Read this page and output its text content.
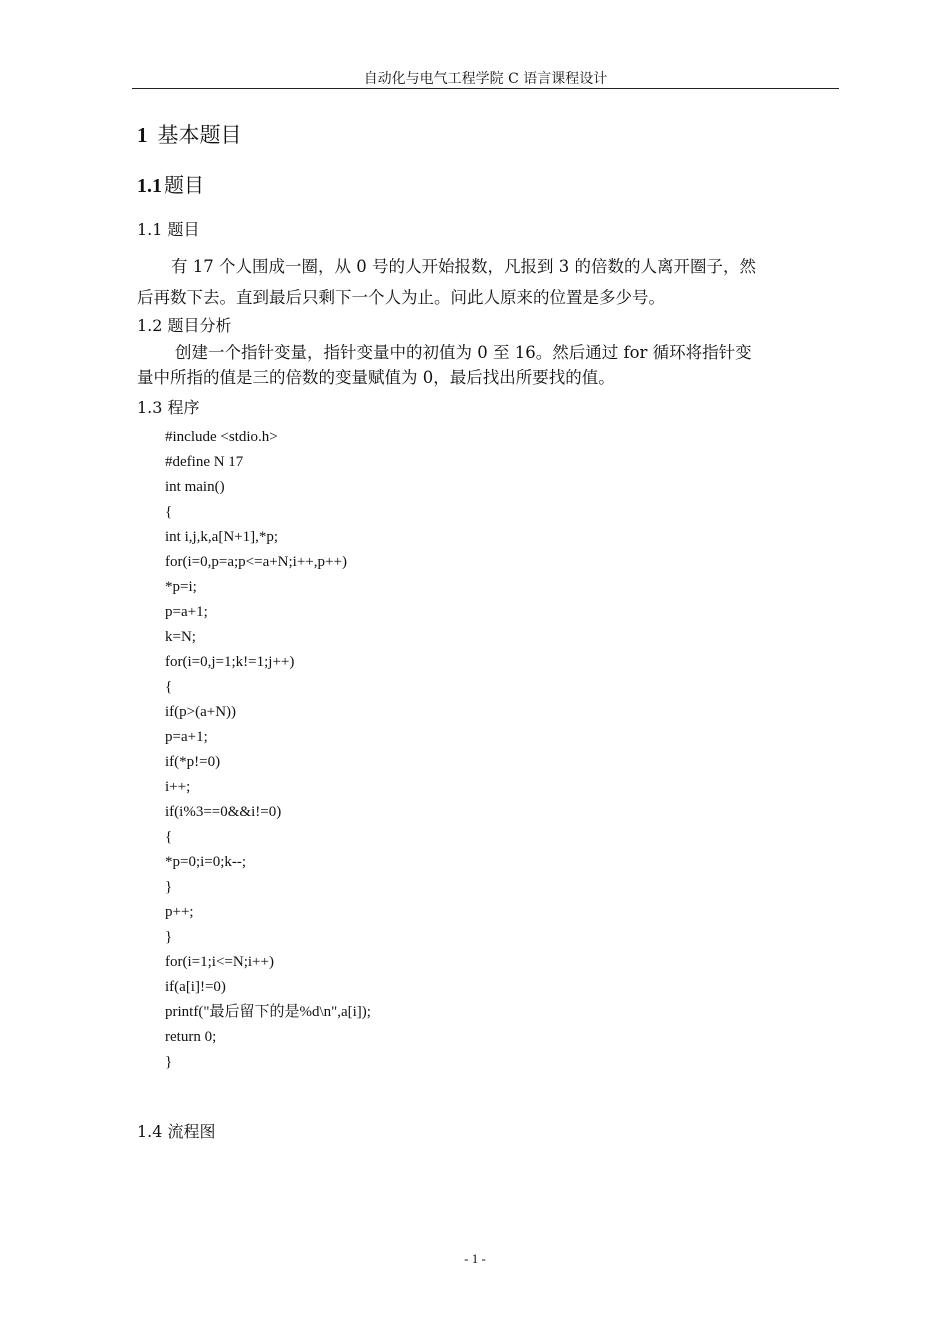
自动化与电气工程学院 C 语言课程设计
1 基本题目
1.1 题目
1.1 题目
有 17 个人围成一圈，从 0 号的人开始报数，凡报到 3 的倍数的人离开圈子，然
后再数下去。直到最后只剩下一个人为止。问此人原来的位置是多少号。
1.2 题目分析
创建一个指针变量，指针变量中的初值为 0 至 16。然后通过 for 循环将指针变
量中所指的值是三的倍数的变量赋值为 0，最后找出所要找的值。
1.3 程序
#include <stdio.h>
#define N 17
int main()
{
int i,j,k,a[N+1],*p;
for(i=0,p=a;p<=a+N;i++,p++)
*p=i;
p=a+1;
k=N;
for(i=0,j=1;k!=1;j++)
{
if(p>(a+N))
p=a+1;
if(*p!=0)
i++;
if(i%3==0&&i!=0)
{
*p=0;i=0;k--;
}
p++;
}
for(i=1;i<=N;i++)
if(a[i]!=0)
printf("最后留下的是%d\n",a[i]);
return 0;
}
1.4 流程图
- 1 -
